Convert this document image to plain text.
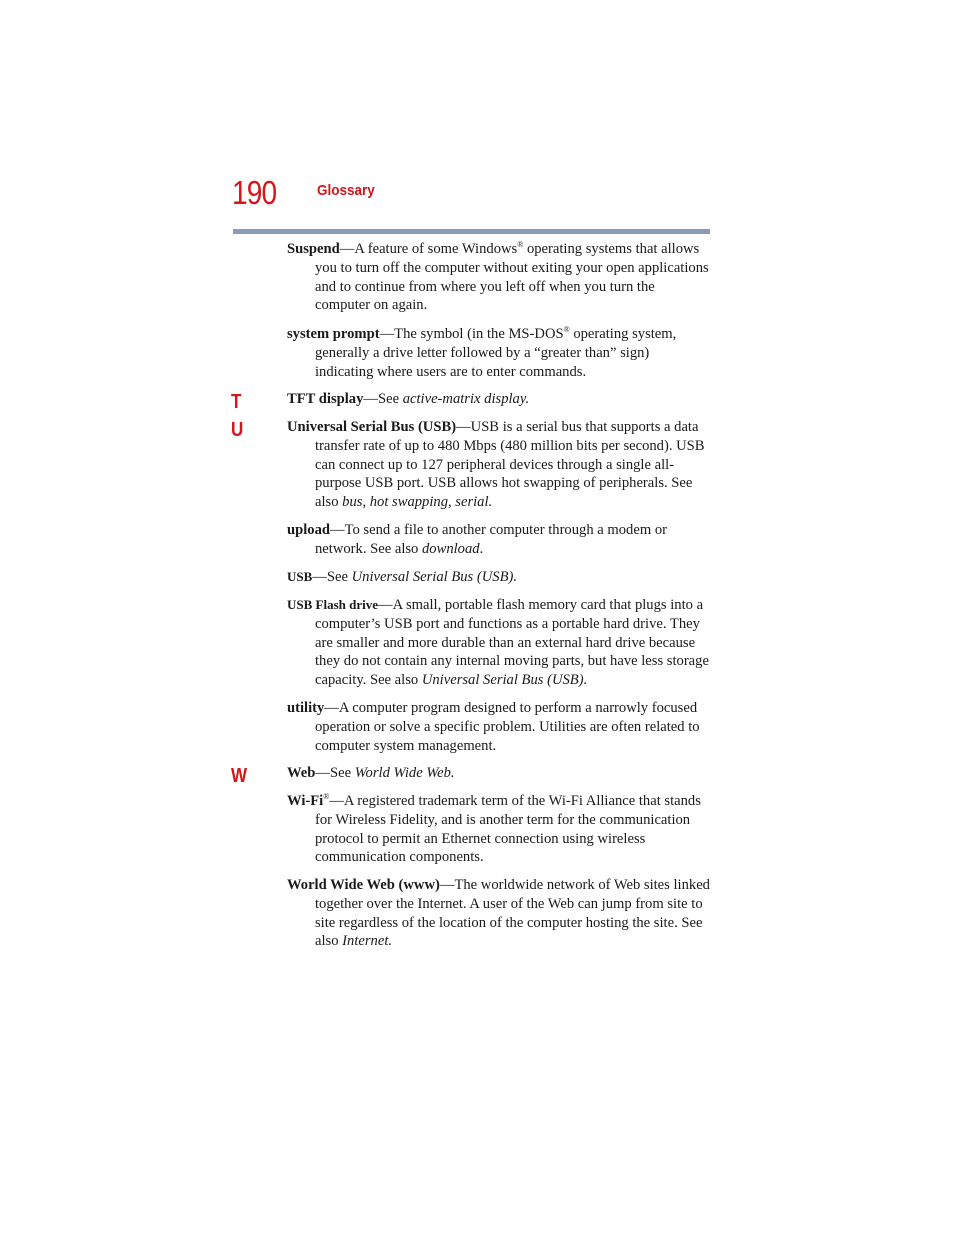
190	Glossary
Suspend—A feature of some Windows® operating systems that allows you to turn off the computer without exiting your open applications and to continue from where you left off when you turn the computer on again.
system prompt—The symbol (in the MS-DOS® operating system, generally a drive letter followed by a “greater than” sign) indicating where users are to enter commands.
T	TFT display—See active-matrix display.
U	Universal Serial Bus (USB)—USB is a serial bus that supports a data transfer rate of up to 480 Mbps (480 million bits per second). USB can connect up to 127 peripheral devices through a single all-purpose USB port. USB allows hot swapping of peripherals. See also bus, hot swapping, serial.
upload—To send a file to another computer through a modem or network. See also download.
USB—See Universal Serial Bus (USB).
USB Flash drive—A small, portable flash memory card that plugs into a computer’s USB port and functions as a portable hard drive. They are smaller and more durable than an external hard drive because they do not contain any internal moving parts, but have less storage capacity. See also Universal Serial Bus (USB).
utility—A computer program designed to perform a narrowly focused operation or solve a specific problem. Utilities are often related to computer system management.
W	Web—See World Wide Web.
Wi-Fi®—A registered trademark term of the Wi-Fi Alliance that stands for Wireless Fidelity, and is another term for the communication protocol to permit an Ethernet connection using wireless communication components.
World Wide Web (www)—The worldwide network of Web sites linked together over the Internet. A user of the Web can jump from site to site regardless of the location of the computer hosting the site. See also Internet.
